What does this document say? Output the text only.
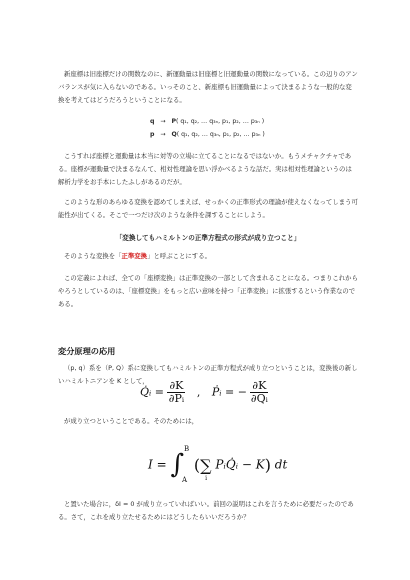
新座標は旧座標だけの関数なのに、新運動量は旧座標と旧運動量の関数になっている。この辺りのアンバランスが気に入らないのである。いっそのこと、新座標も旧運動量によって決まるような一般的な変換を考えてはどうだろうということになる。

q   →   P( q₁, q₂, … q₃ₙ, p₁, p₂, … p₃ₙ )
p   →   Q( q₁, q₂, … q₃ₙ, p₁, p₂, … p₃ₙ )

こうすれば座標と運動量は本当に対等の立場に立てることになるではないか。もうメチャクチャである。座標が運動量で決まるなんて、相対性理論を思い浮かべるような話だ。実は相対性理論というのは解析力学をお手本にしたふしがあるのだが。

このような形のあらゆる変換を認めてしまえば、せっかくの正準形式の理論が使えなくなってしまう可能性が出てくる。そこで一つだけ次のような条件を課することにしよう。

「変換してもハミルトンの正準方程式の形式が成り立つこと」

そのような変換を「正準変換」と呼ぶことにする。

この定義によれば、全ての「座標変換」は正準変換の一部として含まれることになる。つまりこれからやろうとしているのは、「座標変換」をもっと広い意味を持つ「正準変換」に拡張するという作業なのである。

変分原理の応用

（p, q）系を（P, Q）系に変換してもハミルトンの正準方程式が成り立つということは，変換後の新しいハミルトニアンを K として，

Q̇ᵢ = $\frac{\partial K}{\text{∂Pᵢ}}$ , Ṗᵢ = − $\frac{\partial K}{\text{∂Qᵢ}}$

が成り立つということである。そのためには，

I = ∫
B
A
(∑
i
PᵢQ̇ᵢ − K) dt

と置いた場合に，δI = 0 が成り立っていればいい。前回の説明はこれを言うために必要だったのである。さて，これを成り立たせるためにはどうしたらいいだろうか？
